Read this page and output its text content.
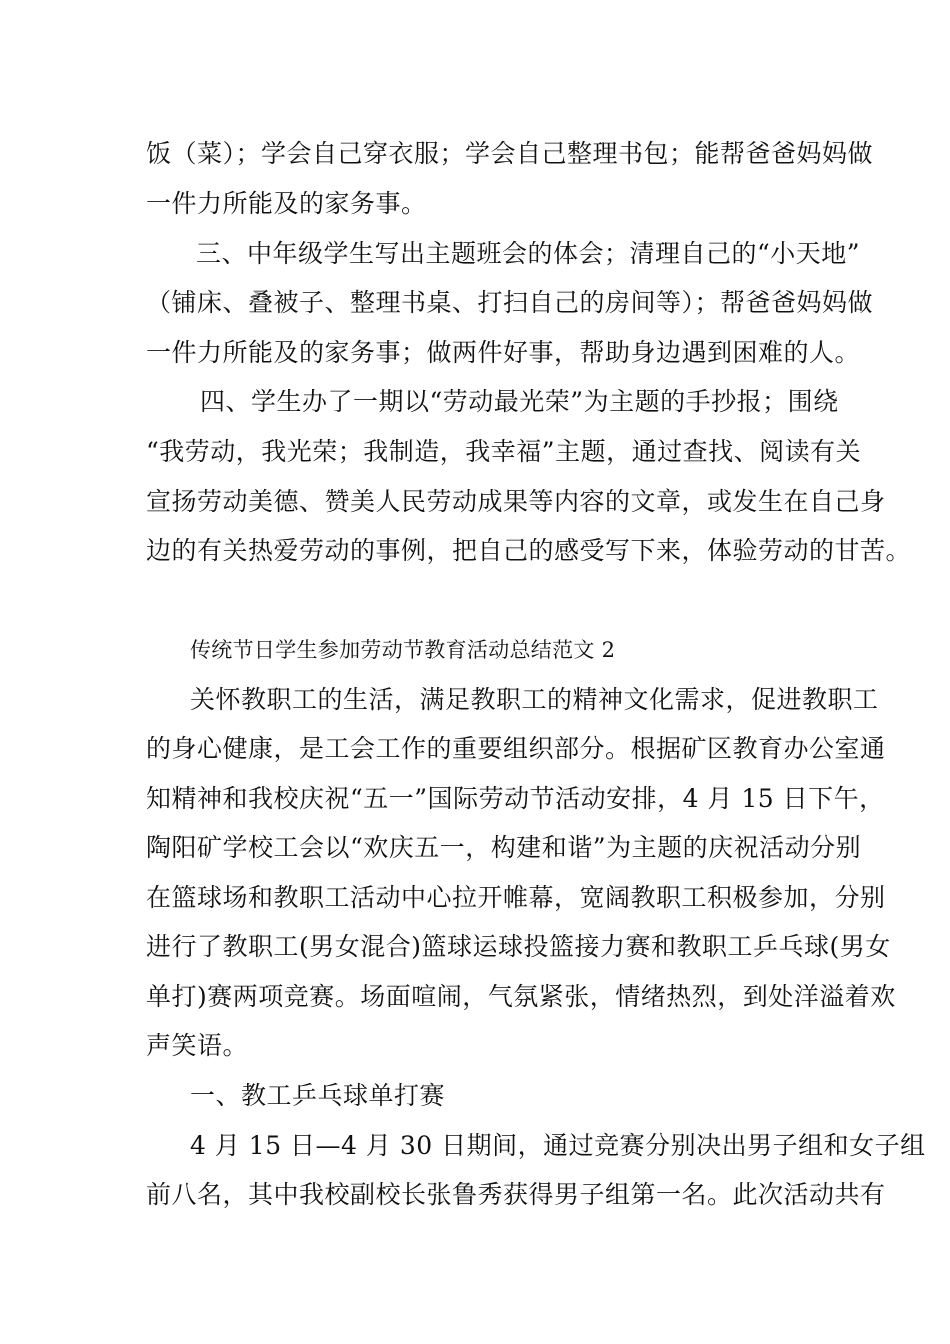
饭（菜）；学会自己穿衣服；学会自己整理书包；能帮爸爸妈妈做
一件力所能及的家务事。
三、中年级学生写出主题班会的体会；清理自己的“小天地”
（铺床、叠被子、整理书桌、打扫自己的房间等）；帮爸爸妈妈做
一件力所能及的家务事；做两件好事，帮助身边遇到困难的人。
四、学生办了一期以“劳动最光荣”为主题的手抄报；围绕
“我劳动，我光荣；我制造，我幸福”主题，通过查找、阅读有关
宣扬劳动美德、赞美人民劳动成果等内容的文章，或发生在自己身
边的有关热爱劳动的事例，把自己的感受写下来，体验劳动的甘苦。
传统节日学生参加劳动节教育活动总结范文 2
关怀教职工的生活，满足教职工的精神文化需求，促进教职工
的身心健康，是工会工作的重要组织部分。根据矿区教育办公室通
知精神和我校庆祝“五一”国际劳动节活动安排，4 月 15 日下午，
陶阳矿学校工会以“欢庆五一，构建和谐”为主题的庆祝活动分别
在篮球场和教职工活动中心拉开帷幕，宽阔教职工积极参加，分别
进行了教职工(男女混合)篮球运球投篮接力赛和教职工乒乓球(男女
单打)赛两项竞赛。场面喧闹，气氛紧张，情绪热烈，到处洋溢着欢
声笑语。
一、教工乒乓球单打赛
4 月 15 日—4 月 30 日期间，通过竞赛分别决出男子组和女子组
前八名，其中我校副校长张鲁秀获得男子组第一名。此次活动共有
